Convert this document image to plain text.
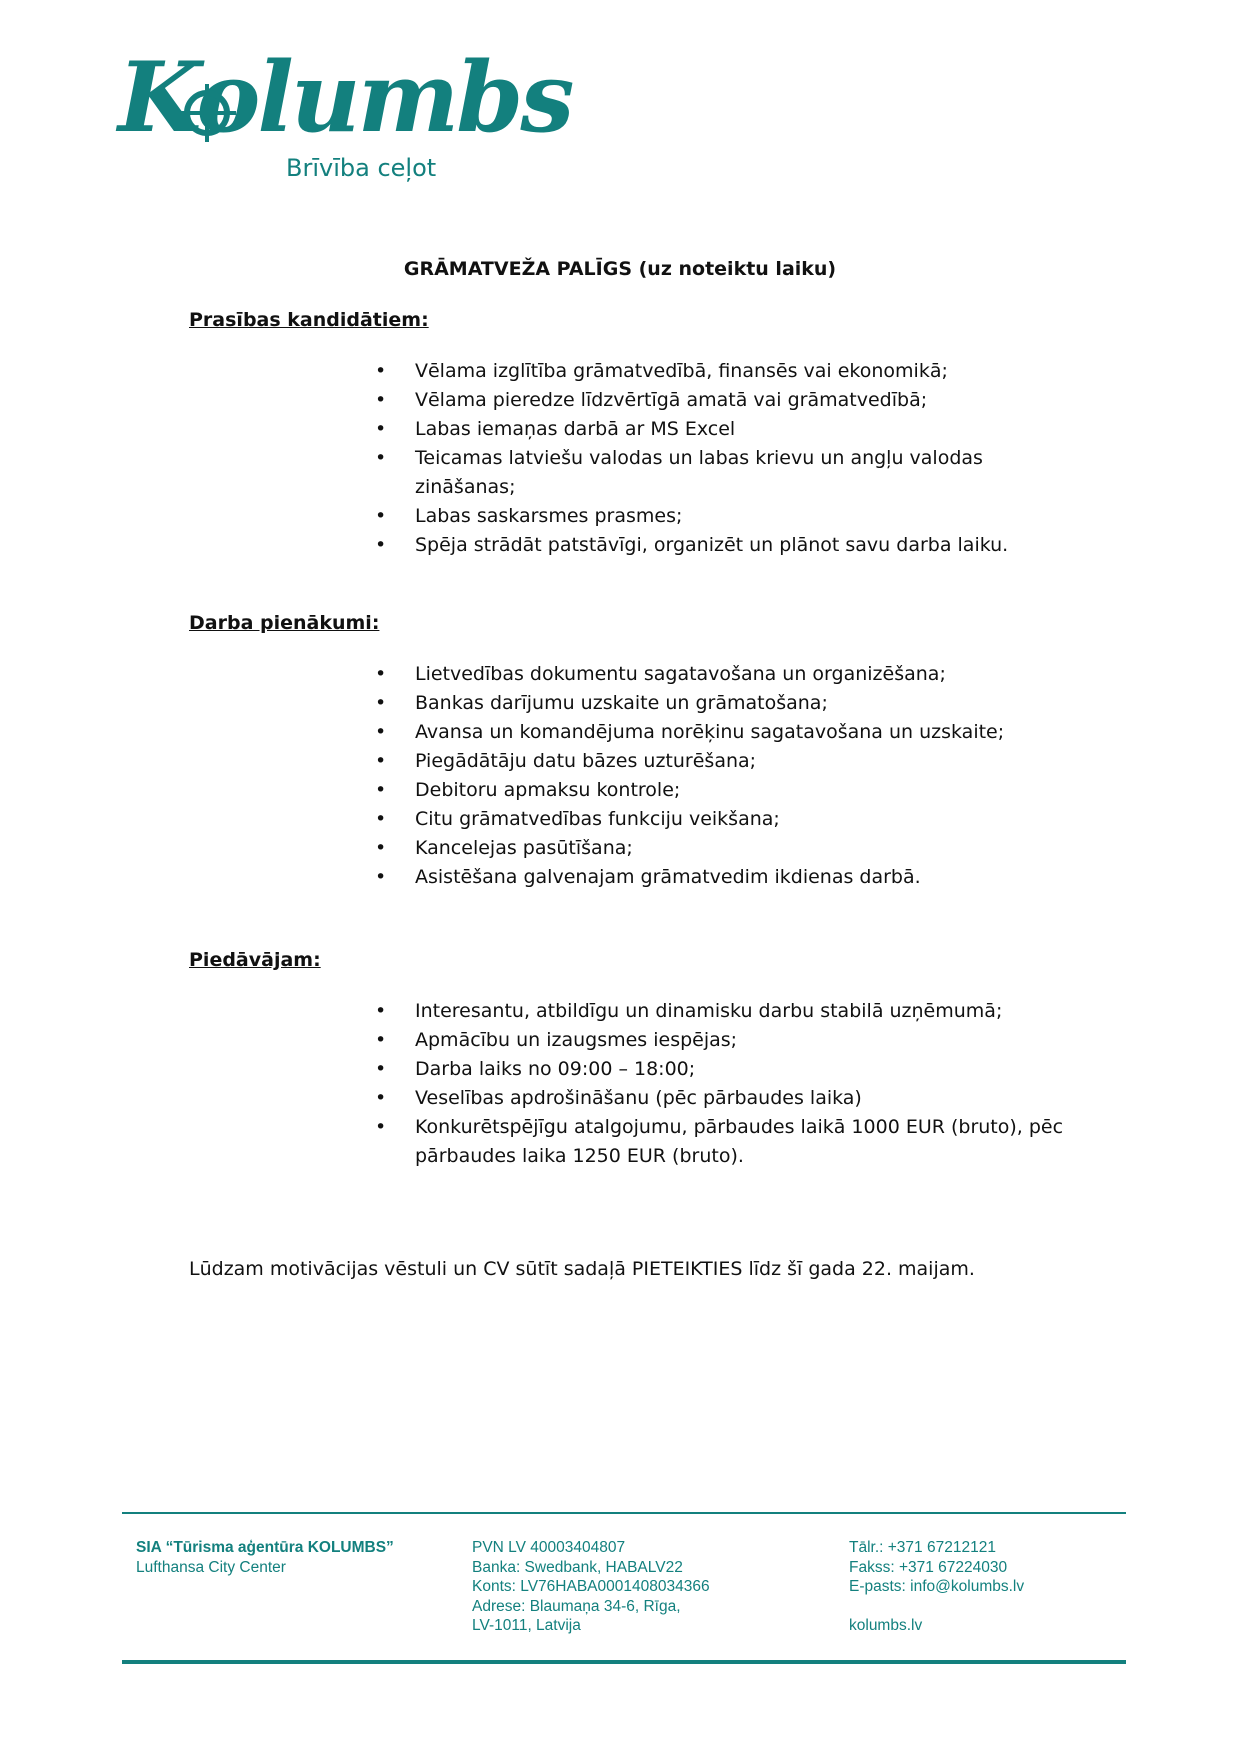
Kolumbs
Brīvība ceļot
GRĀMATVEŽA PALĪGS (uz noteiktu laiku)
Prasības kandidātiem:
• Vēlama izglītība grāmatvedībā, finansēs vai ekonomikā;
• Vēlama pieredze līdzvērtīgā amatā vai grāmatvedībā;
• Labas iemaņas darbā ar MS Excel
• Teicamas latviešu valodas un labas krievu un angļu valodas zināšanas;
• Labas saskarsmes prasmes;
• Spēja strādāt patstāvīgi, organizēt un plānot savu darba laiku.
Darba pienākumi:
• Lietvedības dokumentu sagatavošana un organizēšana;
• Bankas darījumu uzskaite un grāmatošana;
• Avansa un komandējuma norēķinu sagatavošana un uzskaite;
• Piegādātāju datu bāzes uzturēšana;
• Debitoru apmaksu kontrole;
• Citu grāmatvedības funkciju veikšana;
• Kancelejas pasūtīšana;
• Asistēšana galvenajam grāmatvedim ikdienas darbā.
Piedāvājam:
• Interesantu, atbildīgu un dinamisku darbu stabilā uzņēmumā;
• Apmācību un izaugsmes iespējas;
• Darba laiks no 09:00 – 18:00;
• Veselības apdrošināšanu (pēc pārbaudes laika)
• Konkurētspējīgu atalgojumu, pārbaudes laikā 1000 EUR (bruto), pēc pārbaudes laika 1250 EUR (bruto).
Lūdzam motivācijas vēstuli un CV sūtīt sadaļā PIETEIKTIES līdz šī gada 22. maijam.
SIA “Tūrisma aģentūra KOLUMBS”
Lufthansa City Center
PVN LV 40003404807
Banka: Swedbank, HABALV22
Konts: LV76HABA0001408034366
Adrese: Blaumaņa 34-6, Rīga,
LV-1011, Latvija
Tālr.: +371 67212121
Fakss: +371 67224030
E-pasts: info@kolumbs.lv
kolumbs.lv
